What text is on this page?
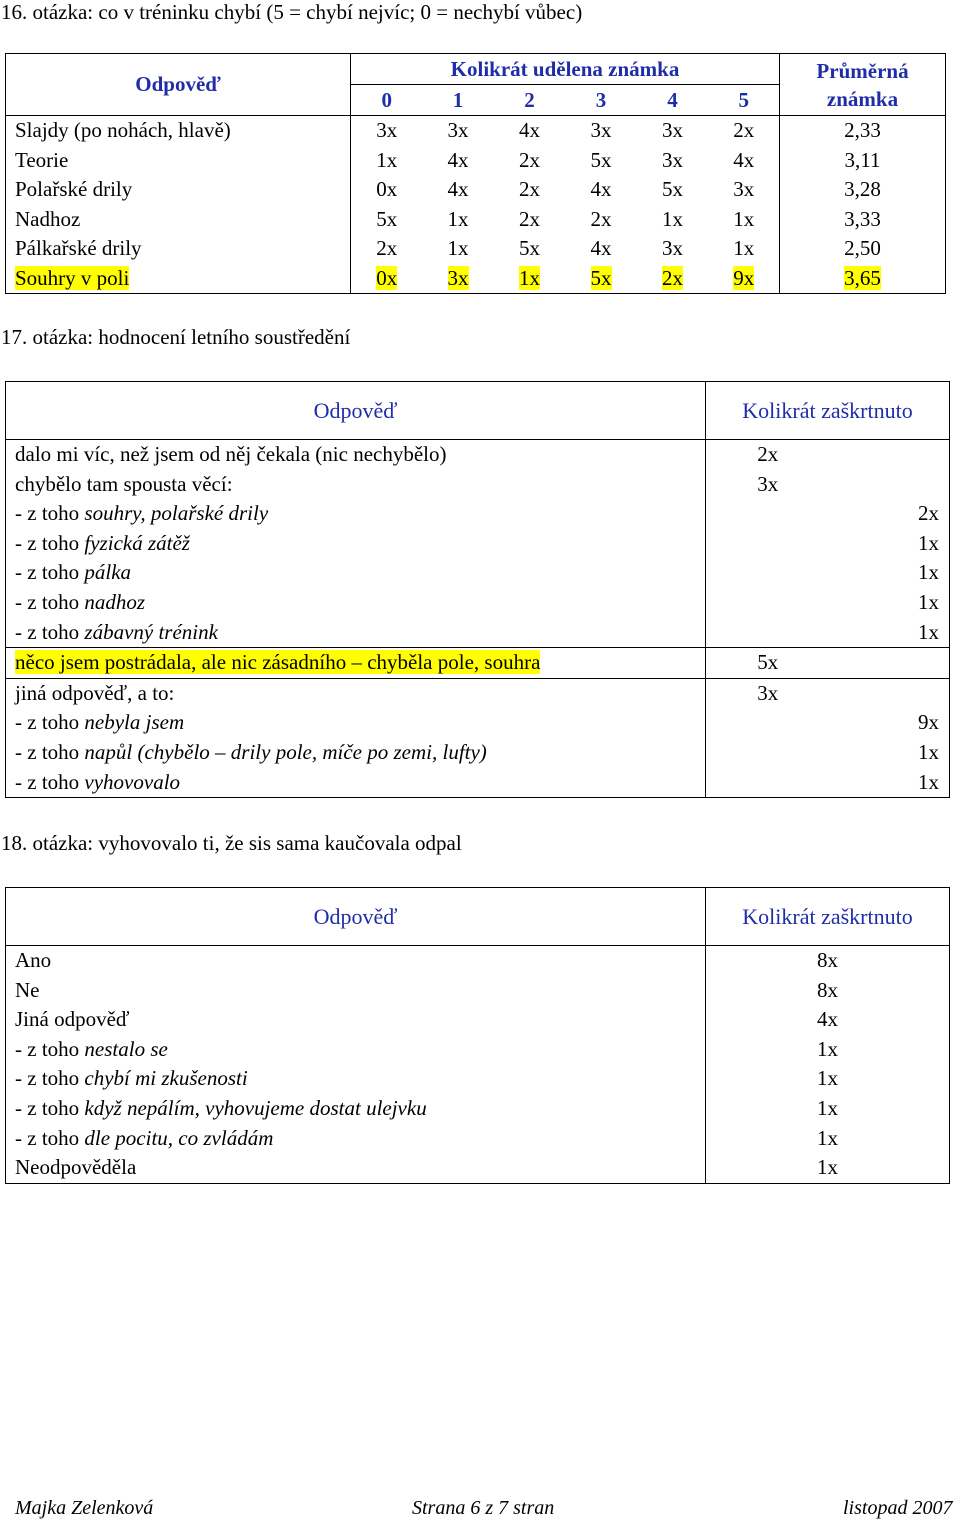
16. otázka: co v tréninku chybí (5 = chybí nejvíc; 0 = nechybí vůbec)
Odpověď	Kolikrát udělena známka						Průměrná známka
	0	1	2	3	4	5	
Slajdy (po nohách, hlavě)	3x	3x	4x	3x	3x	2x	2,33
Teorie	1x	4x	2x	5x	3x	4x	3,11
Polařské drily	0x	4x	2x	4x	5x	3x	3,28
Nadhoz	5x	1x	2x	2x	1x	1x	3,33
Pálkařské drily	2x	1x	5x	4x	3x	1x	2,50
Souhry v poli	0x	3x	1x	5x	2x	9x	3,65
17. otázka: hodnocení letního soustředění
Odpověď	Kolikrát zaškrtnuto	
dalo mi víc, než jsem od něj čekala (nic nechybělo)	2x	
chybělo tam spousta věcí:	3x	
- z toho souhry, polařské drily		2x
- z toho fyzická zátěž		1x
- z toho pálka		1x
- z toho nadhoz		1x
- z toho zábavný trénink		1x
něco jsem postrádala, ale nic zásadního – chyběla pole, souhra	5x	
jiná odpověď, a to:	3x	
- z toho nebyla jsem		9x
- z toho napůl (chybělo – drily pole, míče po zemi, lufty)		1x
- z toho vyhovovalo		1x
18. otázka: vyhovovalo ti, že sis sama kaučovala odpal
Odpověď	Kolikrát zaškrtnuto
Ano	8x
Ne	8x
Jiná odpověď	4x
- z toho nestalo se	1x
- z toho chybí mi zkušenosti	1x
- z toho když nepálím, vyhovujeme dostat ulejvku	1x
- z toho dle pocitu, co zvládám	1x
Neodpověděla	1x
Majka Zelenková	Strana 6 z 7 stran	listopad 2007
